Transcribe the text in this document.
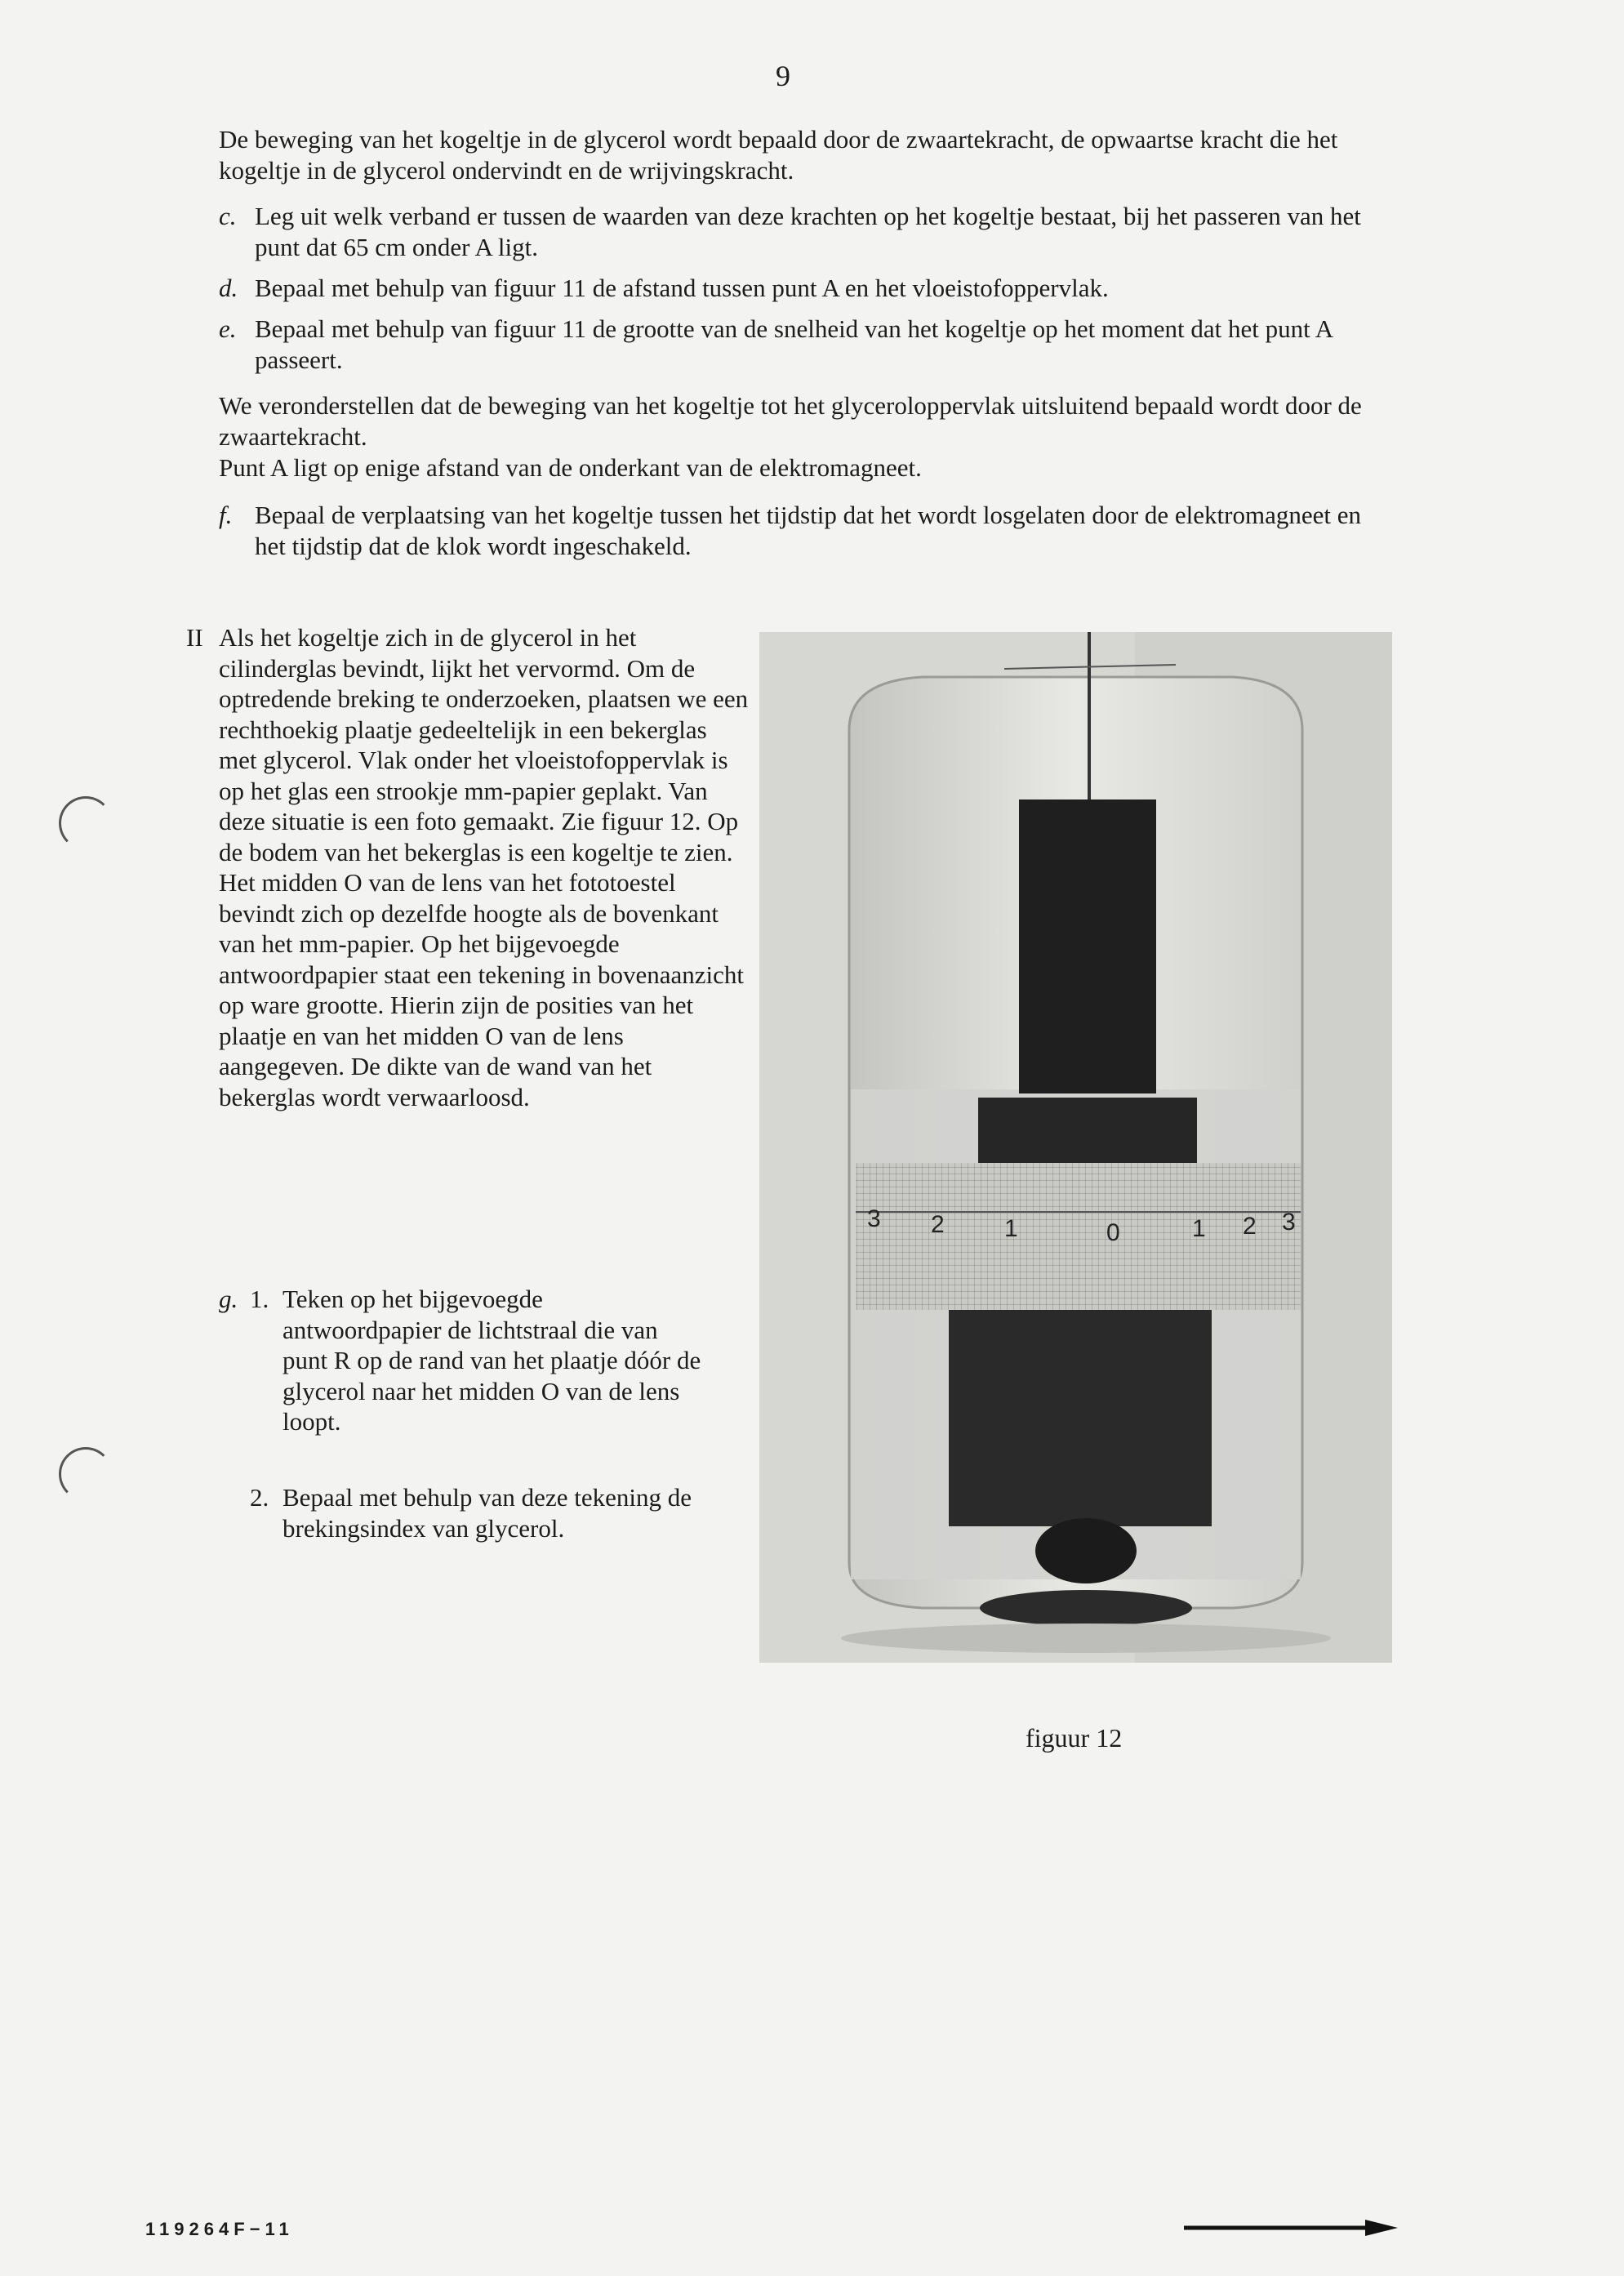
9

De beweging van het kogeltje in de glycerol wordt bepaald door de zwaartekracht, de opwaartse kracht die het kogeltje in de glycerol ondervindt en de wrijvingskracht.

c. Leg uit welk verband er tussen de waarden van deze krachten op het kogeltje bestaat, bij het passeren van het punt dat 65 cm onder A ligt.
d. Bepaal met behulp van figuur 11 de afstand tussen punt A en het vloeistofoppervlak.
e. Bepaal met behulp van figuur 11 de grootte van de snelheid van het kogeltje op het moment dat het punt A passeert.

We veronderstellen dat de beweging van het kogeltje tot het glyceroloppervlak uitsluitend bepaald wordt door de zwaartekracht.

Punt A ligt op enige afstand van de onderkant van de elektromagneet.

f. Bepaal de verplaatsing van het kogeltje tussen het tijdstip dat het wordt losgelaten door de elektromagneet en het tijdstip dat de klok wordt ingeschakeld.
II Als het kogeltje zich in de glycerol in het cilinderglas bevindt, lijkt het vervormd. Om de optredende breking te onderzoeken, plaatsen we een rechthoekig plaatje gedeeltelijk in een bekerglas met glycerol. Vlak onder het vloeistofoppervlak is op het glas een strookje mm-papier geplakt. Van deze situatie is een foto gemaakt. Zie figuur 12. Op de bodem van het bekerglas is een kogeltje te zien. Het midden O van de lens van het fototoestel bevindt zich op dezelfde hoogte als de bovenkant van het mm-papier. Op het bijgevoegde antwoordpapier staat een tekening in bovenaanzicht op ware grootte. Hierin zijn de posities van het plaatje en van het midden O van de lens aangegeven. De dikte van de wand van het bekerglas wordt verwaarloosd.
g. 1. Teken op het bijgevoegde antwoordpapier de lichtstraal die van punt R op de rand van het plaatje dóór de glycerol naar het midden O van de lens loopt.
2. Bepaal met behulp van deze tekening de brekingsindex van glycerol.
3 2 1	0	1 2 3
figuur 12
119264F−11
